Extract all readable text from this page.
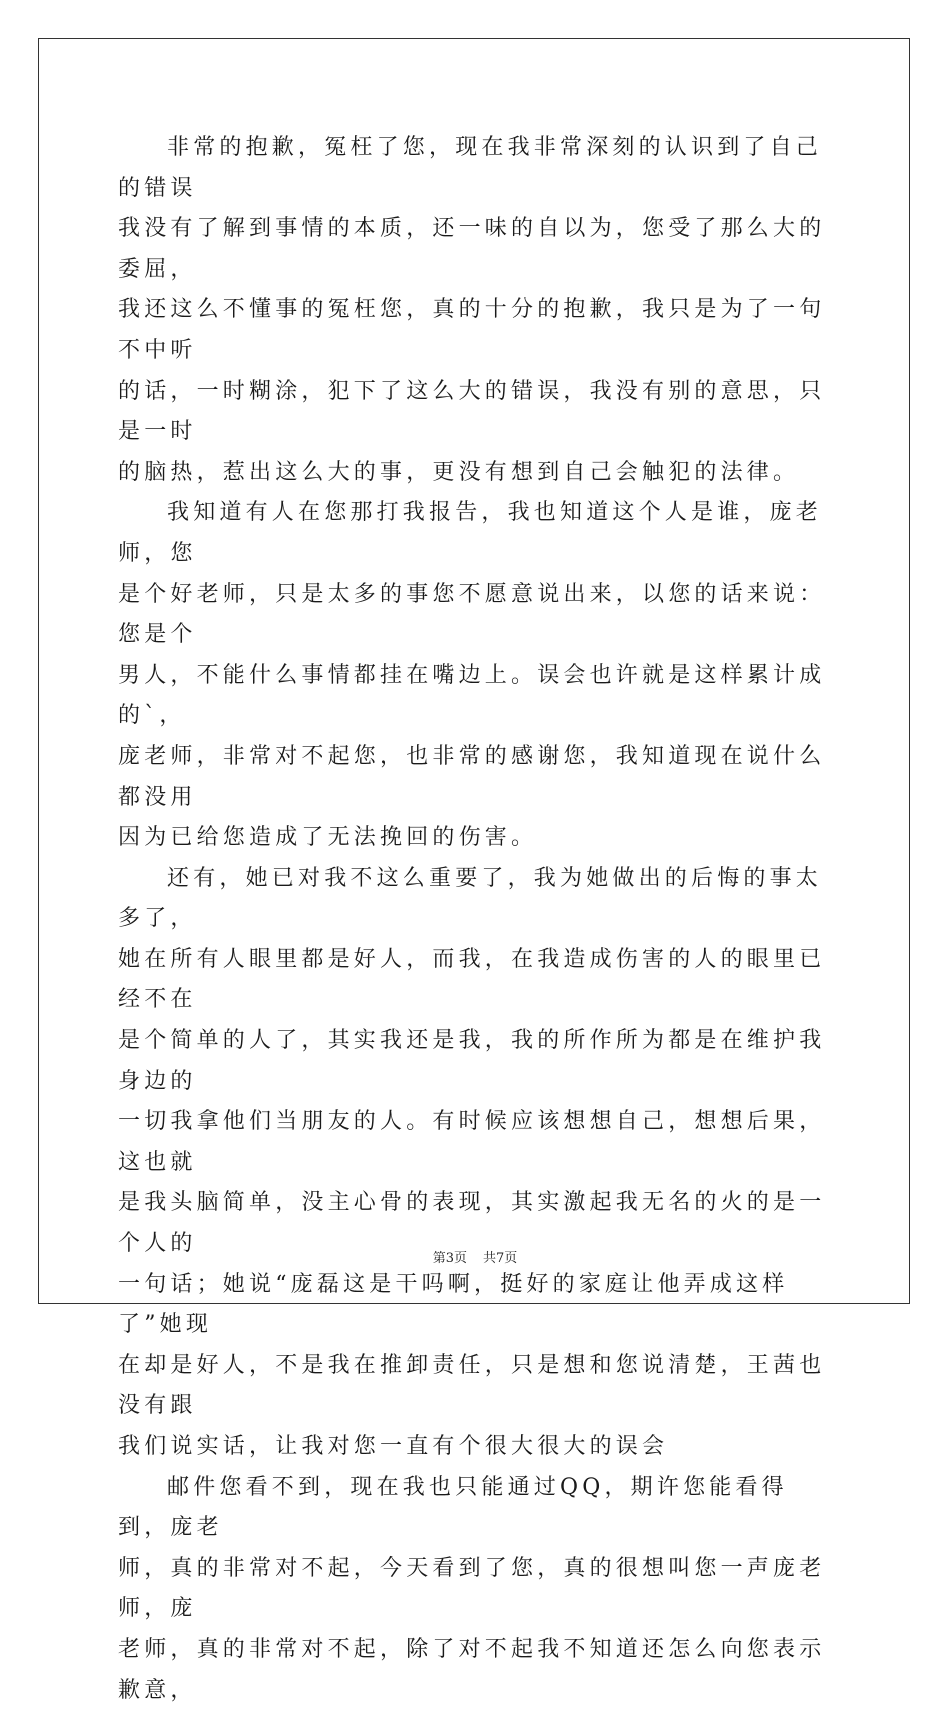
非常的抱歉，冤枉了您，现在我非常深刻的认识到了自己的错误
我没有了解到事情的本质，还一味的自以为，您受了那么大的委屈，
我还这么不懂事的冤枉您，真的十分的抱歉，我只是为了一句不中听
的话，一时糊涂，犯下了这么大的错误，我没有别的意思，只是一时
的脑热，惹出这么大的事，更没有想到自己会触犯的法律。

我知道有人在您那打我报告，我也知道这个人是谁，庞老师，您
是个好老师，只是太多的事您不愿意说出来，以您的话来说：您是个
男人，不能什么事情都挂在嘴边上。误会也许就是这样累计成的`，
庞老师，非常对不起您，也非常的感谢您，我知道现在说什么都没用
因为已给您造成了无法挽回的伤害。

还有，她已对我不这么重要了，我为她做出的后悔的事太多了，
她在所有人眼里都是好人，而我，在我造成伤害的人的眼里已经不在
是个简单的人了，其实我还是我，我的所作所为都是在维护我身边的
一切我拿他们当朋友的人。有时候应该想想自己，想想后果，这也就
是我头脑简单，没主心骨的表现，其实激起我无名的火的是一个人的
一句话；她说“庞磊这是干吗啊，挺好的家庭让他弄成这样了”她现
在却是好人，不是我在推卸责任，只是想和您说清楚，王茜也没有跟
我们说实话，让我对您一直有个很大很大的误会

邮件您看不到，现在我也只能通过QQ，期许您能看得到，庞老
师，真的非常对不起，今天看到了您，真的很想叫您一声庞老师，庞
老师，真的非常对不起，除了对不起我不知道还怎么向您表示歉意，

第3页 共7页
